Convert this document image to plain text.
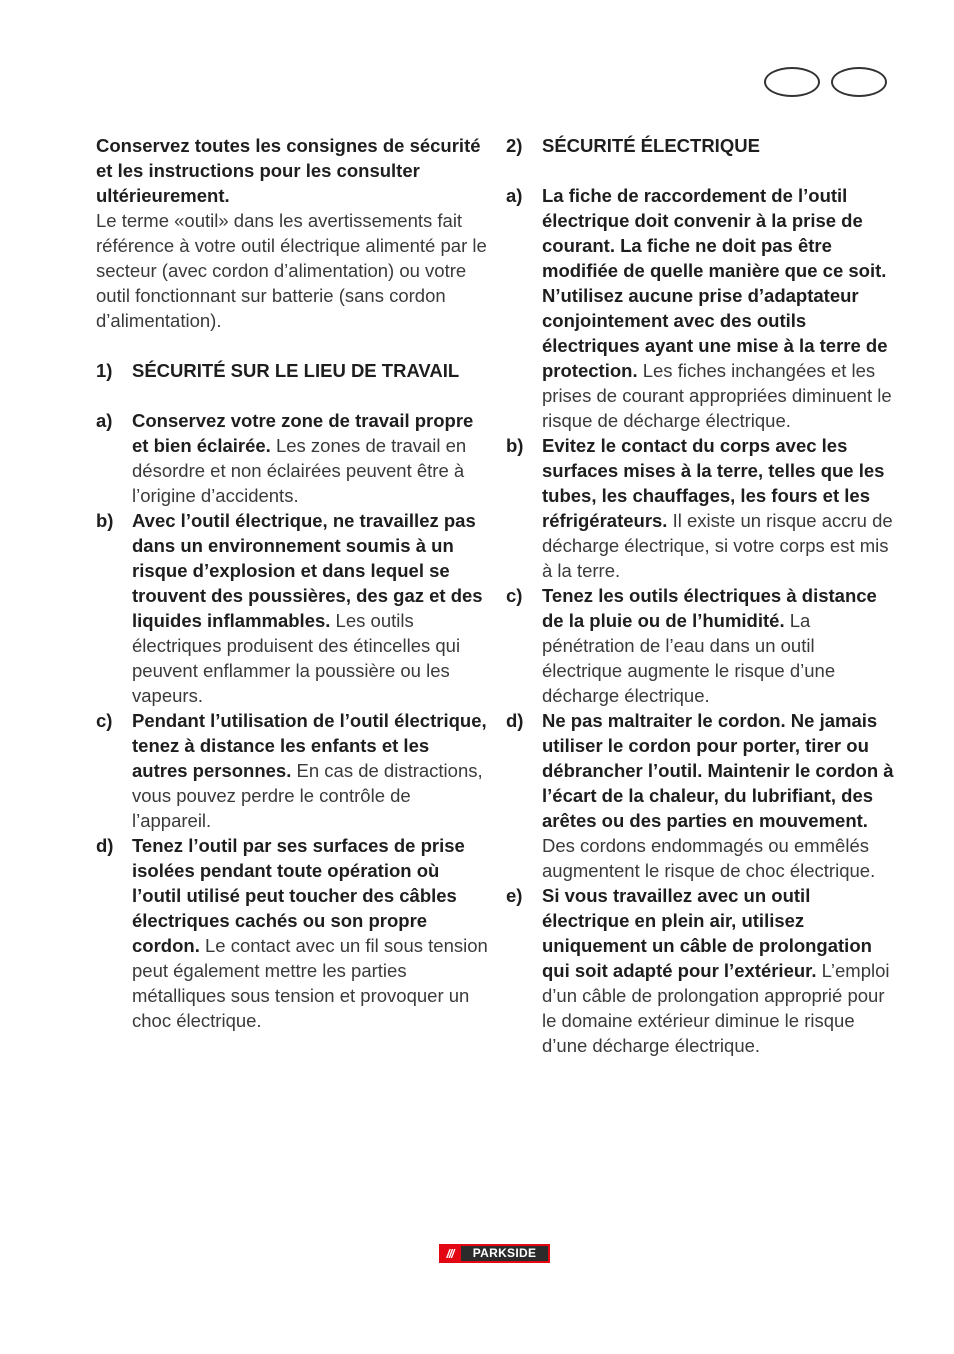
Conservez toutes les consignes de sécurité et les instructions pour les consulter ultérieurement.
Le terme «outil» dans les avertissements fait référence à votre outil électrique alimenté par le secteur (avec cordon d’alimentation) ou votre outil fonctionnant sur batterie (sans cordon d’alimentation).

1)	SÉCURITÉ SUR LE LIEU DE TRAVAIL
a)	Conservez votre zone de travail propre et bien éclairée. Les zones de travail en désordre et non éclairées peuvent être à l’origine d’accidents.
b)	Avec l’outil électrique, ne travaillez pas dans un environnement soumis à un risque d’explosion et dans lequel se trouvent des poussières, des gaz et des liquides inflammables. Les outils électriques produisent des étincelles qui peuvent enflammer la poussière ou les vapeurs.
c)	Pendant l’utilisation de l’outil électrique, tenez à distance les enfants et les autres personnes. En cas de distractions, vous pouvez perdre le contrôle de l’appareil.
d)	Tenez l’outil par ses surfaces de prise isolées pendant toute opération où l’outil utilisé peut toucher des câbles électriques cachés ou son propre cordon. Le contact avec un fil sous tension peut également mettre les parties métalliques sous tension et provoquer un choc électrique.
2)	SÉCURITÉ ÉLECTRIQUE
a)	La fiche de raccordement de l’outil électrique doit convenir à la prise de courant. La fiche ne doit pas être modifiée de quelle manière que ce soit. N’utilisez aucune prise d’adaptateur conjointement avec des outils électriques ayant une mise à la terre de protection. Les fiches inchangées et les prises de courant appropriées diminuent le risque de décharge électrique.
b)	Evitez le contact du corps avec les surfaces mises à la terre, telles que les tubes, les chauffages, les fours et les réfrigérateurs. Il existe un risque accru de décharge électrique, si votre corps est mis à la terre.
c)	Tenez les outils électriques à distance de la pluie ou de l’humidité. La pénétration de l’eau dans un outil électrique augmente le risque d’une décharge électrique.
d)	Ne pas maltraiter le cordon. Ne jamais utiliser le cordon pour porter, tirer ou débrancher l’outil. Maintenir le cordon à l’écart de la chaleur, du lubrifiant, des arêtes ou des parties en mouvement. Des cordons endommagés ou emmêlés augmentent le risque de choc électrique.
e)	Si vous travaillez avec un outil électrique en plein air, utilisez uniquement un câble de prolongation qui soit adapté pour l’extérieur. L’emploi d’un câble de prolongation approprié pour le domaine extérieur diminue le risque d’une décharge électrique.
///	PARKSIDE
